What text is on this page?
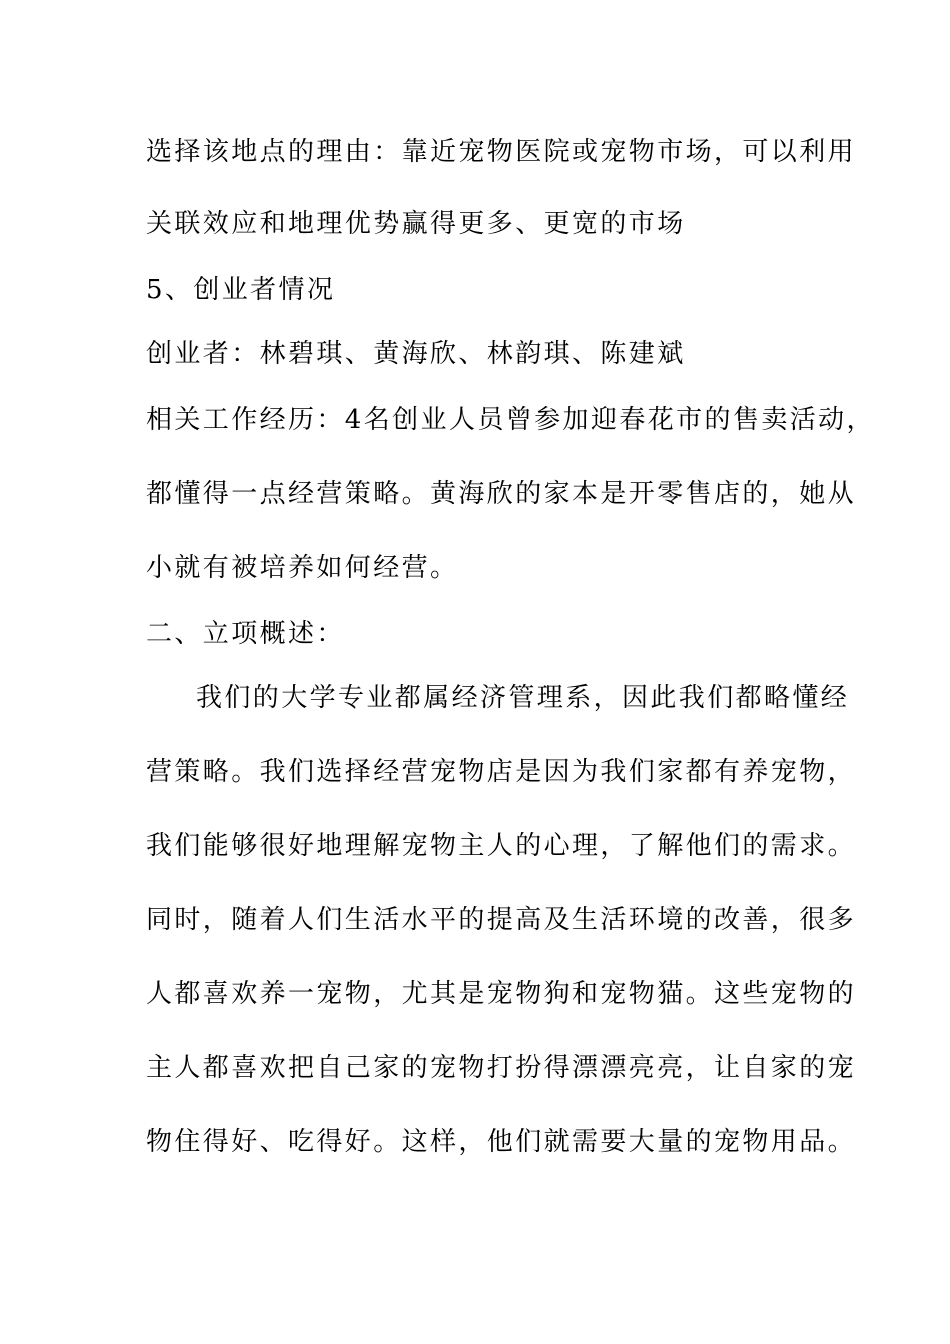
选择该地点的理由：靠近宠物医院或宠物市场，可以利用
关联效应和地理优势赢得更多、更宽的市场
5、创业者情况
创业者：林碧琪、黄海欣、林韵琪、陈建斌
相关工作经历：4名创业人员曾参加迎春花市的售卖活动，
都懂得一点经营策略。黄海欣的家本是开零售店的，她从
小就有被培养如何经营。
二、立项概述：
我们的大学专业都属经济管理系，因此我们都略懂经
营策略。我们选择经营宠物店是因为我们家都有养宠物，
我们能够很好地理解宠物主人的心理，了解他们的需求。
同时，随着人们生活水平的提高及生活环境的改善，很多
人都喜欢养一宠物，尤其是宠物狗和宠物猫。这些宠物的
主人都喜欢把自己家的宠物打扮得漂漂亮亮，让自家的宠
物住得好、吃得好。这样，他们就需要大量的宠物用品。
